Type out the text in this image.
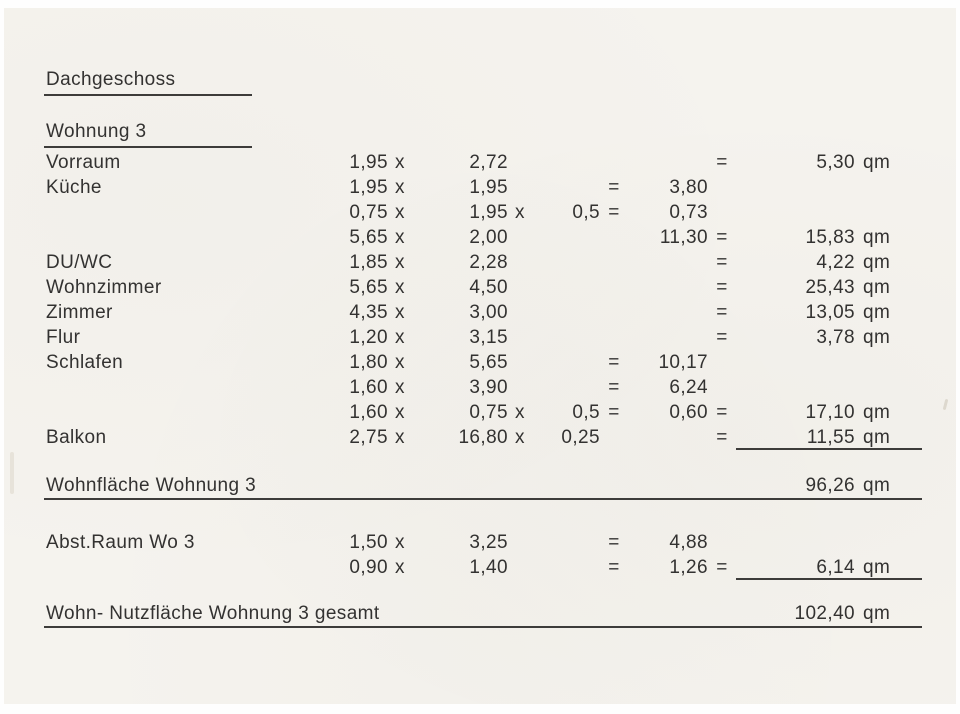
Dachgeschoss
Wohnung 3
Vorraum	1,95 x	2,72	=	5,30 qm
Küche	1,95 x	1,95	=	3,80
0,75 x	1,95 x	0,5 =	0,73
5,65 x	2,00	11,30 =	15,83 qm
DU/WC	1,85 x	2,28	=	4,22 qm
Wohnzimmer	5,65 x	4,50	=	25,43 qm
Zimmer	4,35 x	3,00	=	13,05 qm
Flur	1,20 x	3,15	=	3,78 qm
Schlafen	1,80 x	5,65	=	10,17
1,60 x	3,90	=	6,24
1,60 x	0,75 x	0,5 =	0,60 =	17,10 qm
Balkon	2,75 x	16,80 x	0,25	=	11,55 qm
Wohnfläche Wohnung 3	96,26 qm
Abst.Raum Wo 3	1,50 x	3,25	=	4,88
0,90 x	1,40	=	1,26 =	6,14 qm
Wohn- Nutzfläche Wohnung 3 gesamt	102,40 qm
